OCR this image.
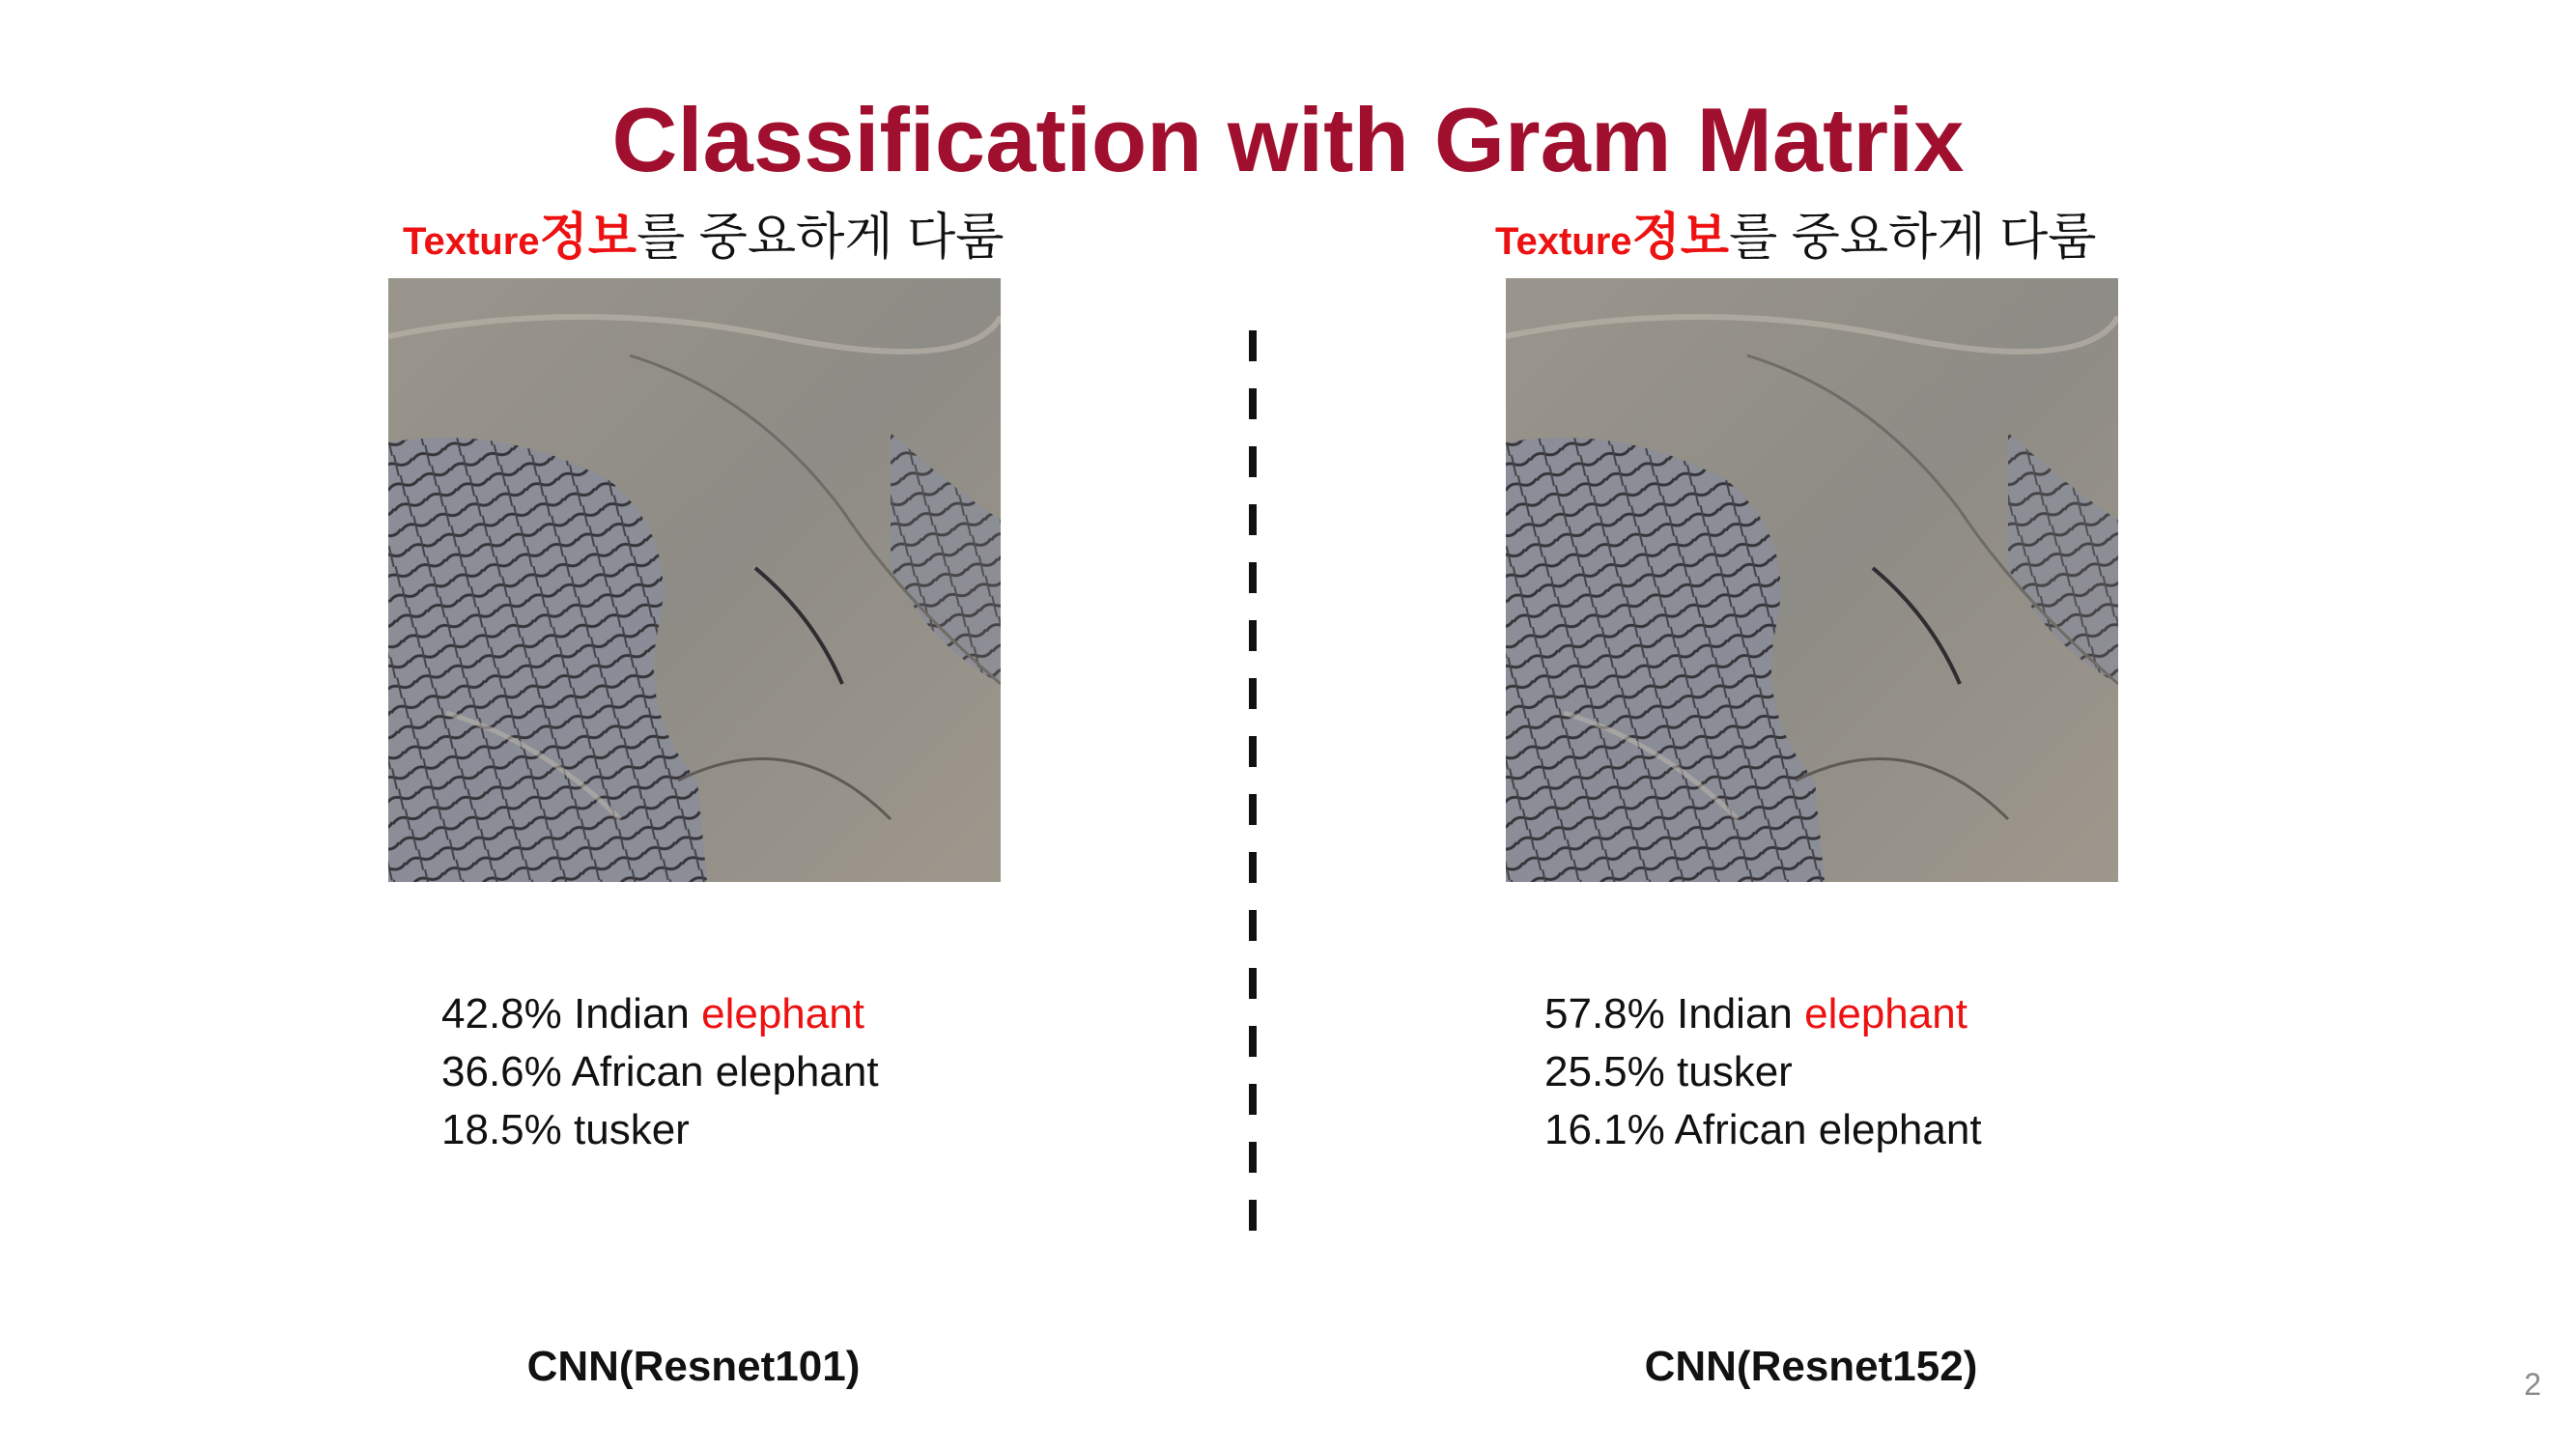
Classification with Gram Matrix
Texture정보를 중요하게 다룸
42.8% Indian elephant
36.6% African elephant
18.5% tusker
CNN(Resnet101)
Texture정보를 중요하게 다룸
57.8% Indian elephant
25.5% tusker
16.1% African elephant
CNN(Resnet152)	2
